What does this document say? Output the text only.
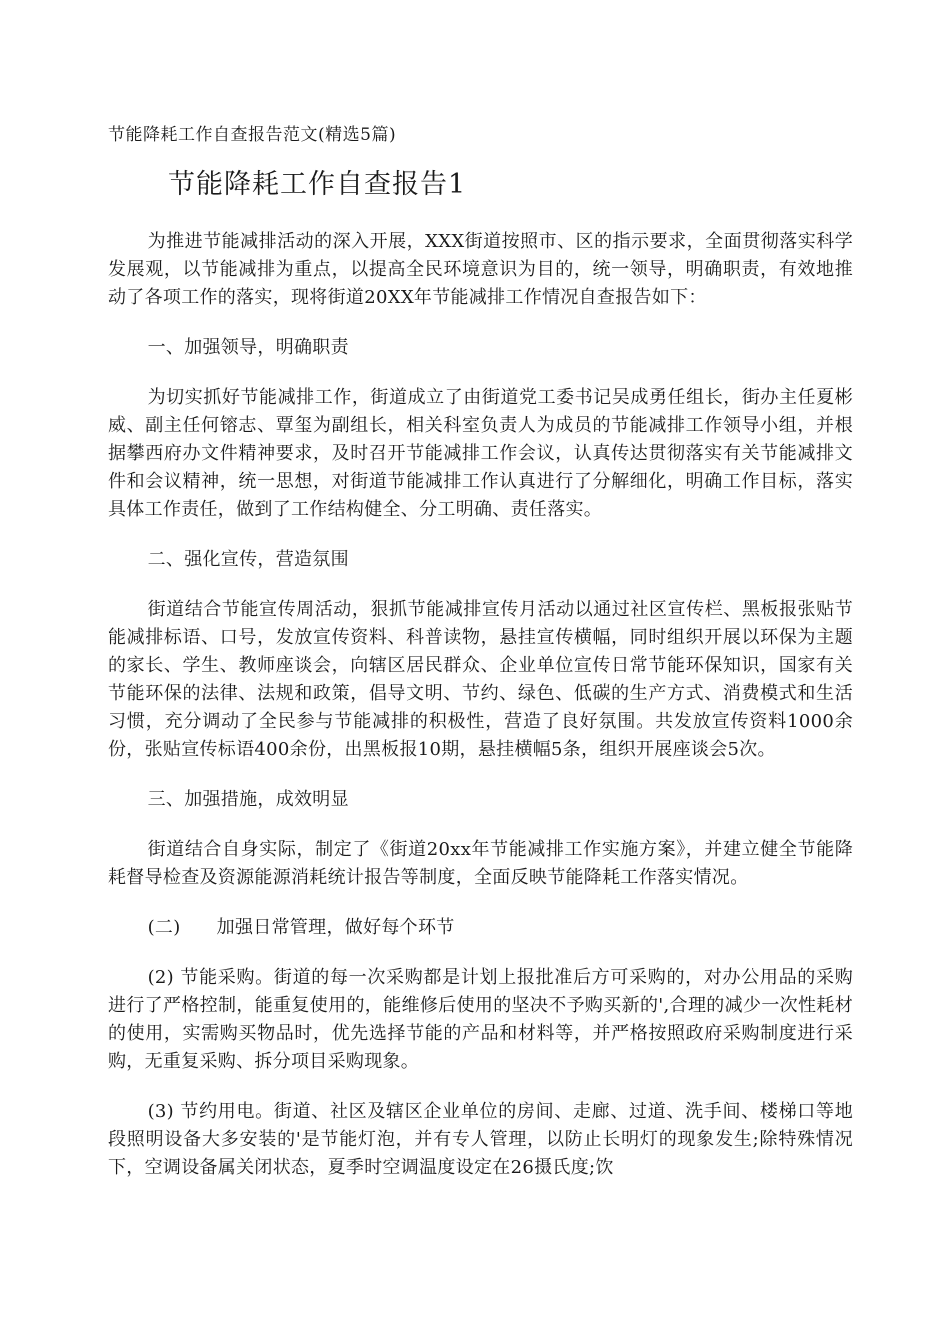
节能降耗工作自查报告范文(精选5篇)
节能降耗工作自查报告1

为推进节能减排活动的深入开展，XXX街道按照市、区的指示要求，全面贯彻落实科学发展观，以节能减排为重点，以提高全民环境意识为目的，统一领导，明确职责，有效地推动了各项工作的落实，现将街道20XX年节能减排工作情况自查报告如下：

一、加强领导，明确职责

为切实抓好节能减排工作，街道成立了由街道党工委书记吴成勇任组长，街办主任夏彬威、副主任何镕志、覃玺为副组长，相关科室负责人为成员的节能减排工作领导小组，并根据攀西府办文件精神要求，及时召开节能减排工作会议，认真传达贯彻落实有关节能减排文件和会议精神，统一思想，对街道节能减排工作认真进行了分解细化，明确工作目标，落实具体工作责任，做到了工作结构健全、分工明确、责任落实。

二、强化宣传，营造氛围

街道结合节能宣传周活动，狠抓节能减排宣传月活动以通过社区宣传栏、黑板报张贴节能减排标语、口号，发放宣传资料、科普读物，悬挂宣传横幅，同时组织开展以环保为主题的家长、学生、教师座谈会，向辖区居民群众、企业单位宣传日常节能环保知识，国家有关节能环保的法律、法规和政策，倡导文明、节约、绿色、低碳的生产方式、消费模式和生活习惯，充分调动了全民参与节能减排的积极性，营造了良好氛围。共发放宣传资料1000余份，张贴宣传标语400余份，出黑板报10期，悬挂横幅5条，组织开展座谈会5次。

三、加强措施，成效明显

街道结合自身实际，制定了《街道20xx年节能减排工作实施方案》，并建立健全节能降耗督导检查及资源能源消耗统计报告等制度，全面反映节能降耗工作落实情况。

(二)      加强日常管理，做好每个环节

(2) 节能采购。街道的每一次采购都是计划上报批准后方可采购的，对办公用品的采购进行了严格控制，能重复使用的，能维修后使用的坚决不予购买新的',合理的减少一次性耗材的使用，实需购买物品时，优先选择节能的产品和材料等，并严格按照政府采购制度进行采购，无重复采购、拆分项目采购现象。

(3) 节约用电。街道、社区及辖区企业单位的房间、走廊、过道、洗手间、楼梯口等地段照明设备大多安装的'是节能灯泡，并有专人管理，以防止长明灯的现象发生;除特殊情况下，空调设备属关闭状态，夏季时空调温度设定在26摄氏度;饮
